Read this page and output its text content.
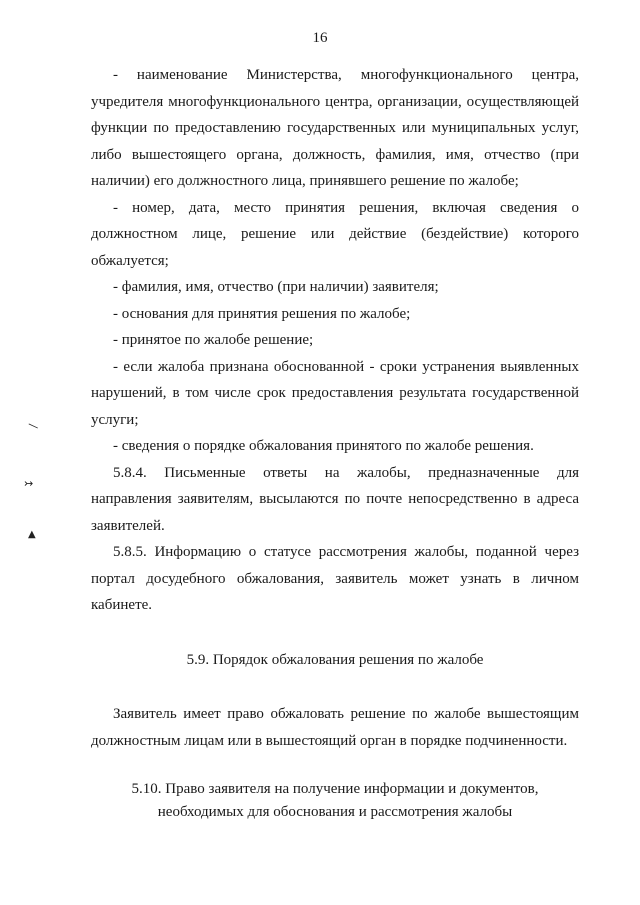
16

- наименование Министерства, многофункционального центра, учредителя многофункционального центра, организации, осуществляющей функции по предоставлению государственных или муниципальных услуг, либо вышестоящего органа, должность, фамилия, имя, отчество (при наличии) его должностного лица, принявшего решение по жалобе;

- номер, дата, место принятия решения, включая сведения о должностном лице, решение или действие (бездействие) которого обжалуется;

- фамилия, имя, отчество (при наличии) заявителя;

- основания для принятия решения по жалобе;

- принятое по жалобе решение;

- если жалоба признана обоснованной - сроки устранения выявленных нарушений, в том числе срок предоставления результата государственной услуги;

- сведения о порядке обжалования принятого по жалобе решения.

5.8.4. Письменные ответы на жалобы, предназначенные для направления заявителям, высылаются по почте непосредственно в адреса заявителей.

5.8.5. Информацию о статусе рассмотрения жалобы, поданной через портал досудебного обжалования, заявитель может узнать в личном кабинете.

5.9. Порядок обжалования решения по жалобе

Заявитель имеет право обжаловать решение по жалобе вышестоящим должностным лицам или в вышестоящий орган в порядке подчиненности.

5.10. Право заявителя на получение информации и документов,

необходимых для обоснования и рассмотрения жалобы

—
↣
▲
